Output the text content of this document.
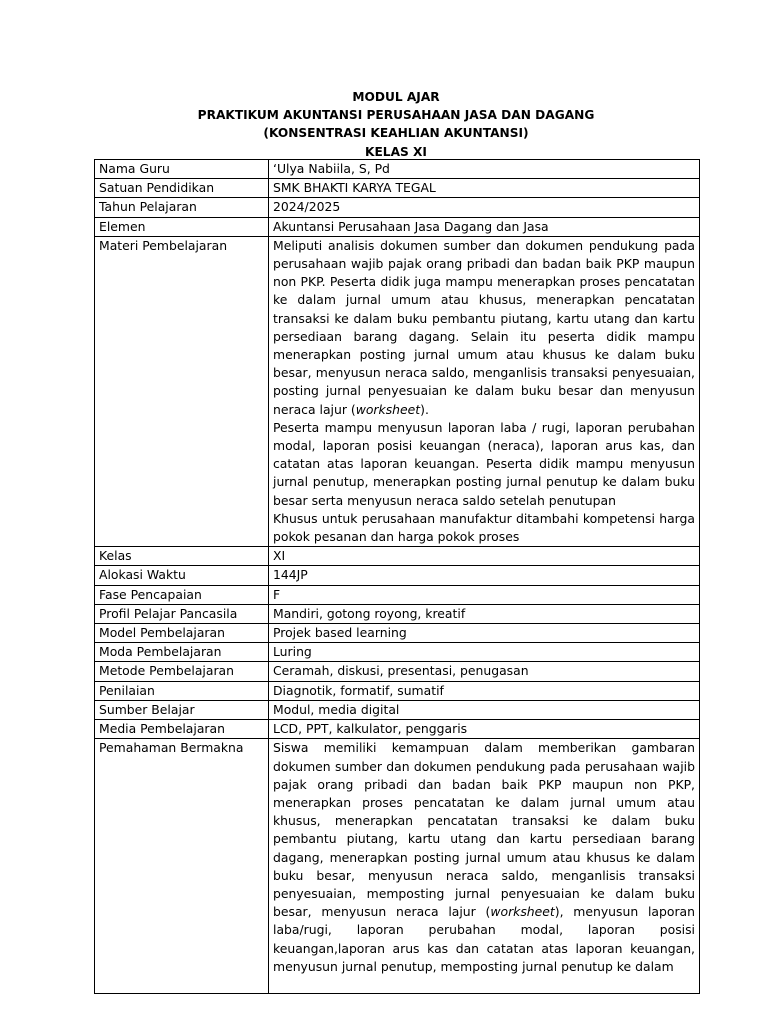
MODUL AJAR
PRAKTIKUM AKUNTANSI PERUSAHAAN JASA DAN DAGANG
(KONSENTRASI KEAHLIAN AKUNTANSI)
KELAS XI
Nama Guru	‘Ulya Nabiila, S, Pd
Satuan Pendidikan	SMK BHAKTI KARYA TEGAL
Tahun Pelajaran	2024/2025
Elemen	Akuntansi Perusahaan Jasa Dagang dan Jasa
Materi Pembelajaran	Meliputi analisis dokumen sumber dan dokumen pendukung pada perusahaan wajib pajak orang pribadi dan badan baik PKP maupun non PKP. Peserta didik juga mampu menerapkan proses pencatatan ke dalam jurnal umum atau khusus, menerapkan pencatatan transaksi ke dalam buku pembantu piutang, kartu utang dan kartu persediaan barang dagang. Selain itu peserta didik mampu menerapkan posting jurnal umum atau khusus ke dalam buku besar, menyusun neraca saldo, menganlisis transaksi penyesuaian, posting jurnal penyesuaian ke dalam buku besar dan menyusun neraca lajur (worksheet).
Peserta mampu menyusun laporan laba / rugi, laporan perubahan modal, laporan posisi keuangan (neraca), laporan arus kas, dan catatan atas laporan keuangan. Peserta didik mampu menyusun jurnal penutup, menerapkan posting jurnal penutup ke dalam buku besar serta menyusun neraca saldo setelah penutupan
Khusus untuk perusahaan manufaktur ditambahi kompetensi harga pokok pesanan dan harga pokok proses

Kelas	XI
Alokasi Waktu	144JP
Fase Pencapaian	F
Profil Pelajar Pancasila	Mandiri, gotong royong, kreatif
Model Pembelajaran	Projek based learning
Moda Pembelajaran	Luring
Metode Pembelajaran	Ceramah, diskusi, presentasi, penugasan
Penilaian	Diagnotik, formatif, sumatif
Sumber Belajar	Modul, media digital
Media Pembelajaran	LCD, PPT, kalkulator, penggaris
Pemahaman Bermakna	Siswa memiliki kemampuan dalam memberikan gambaran dokumen sumber dan dokumen pendukung pada perusahaan wajib pajak orang pribadi dan badan baik PKP maupun non PKP, menerapkan proses pencatatan ke dalam jurnal umum atau khusus, menerapkan pencatatan transaksi ke dalam buku pembantu piutang, kartu utang dan kartu persediaan barang dagang, menerapkan posting jurnal umum atau khusus ke dalam buku besar, menyusun neraca saldo, menganlisis transaksi penyesuaian, memposting jurnal penyesuaian ke dalam buku besar, menyusun neraca lajur (worksheet), menyusun laporan laba/rugi, laporan perubahan modal, laporan posisi keuangan,laporan arus kas dan catatan atas laporan keuangan, menyusun jurnal penutup, memposting jurnal penutup ke dalam
